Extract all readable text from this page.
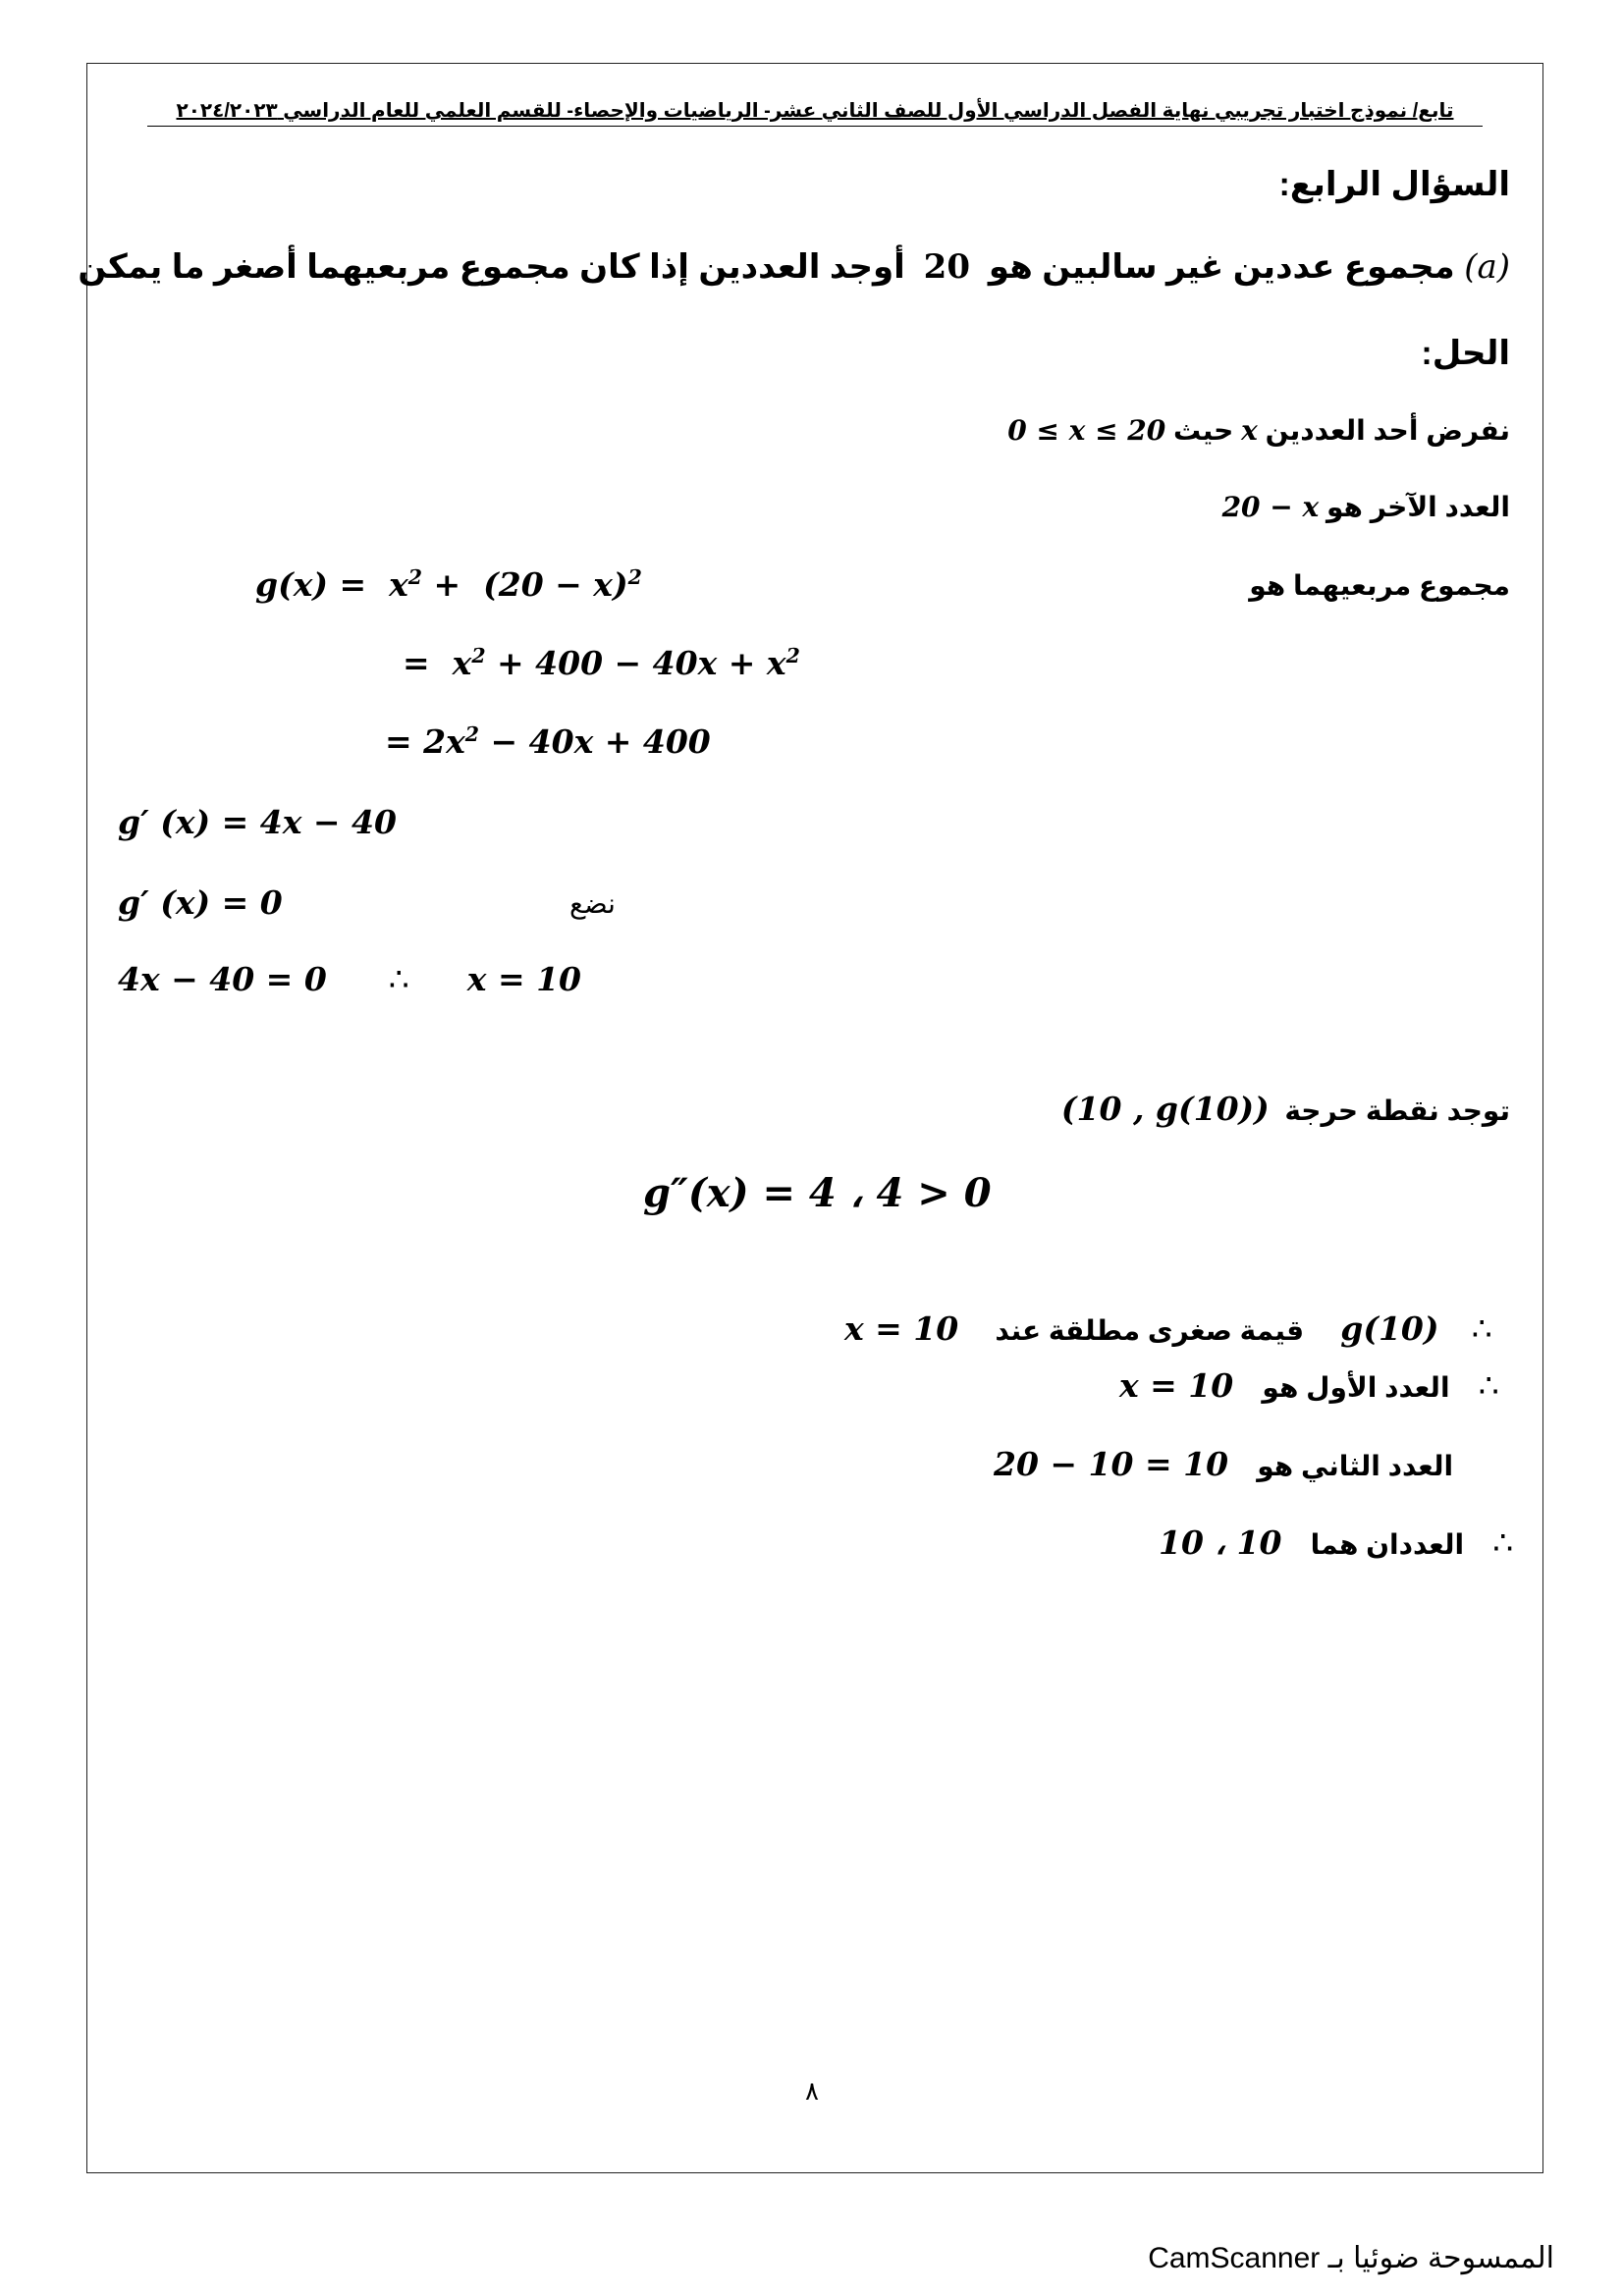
تابع/ نموذج اختبار تجريبي نهاية الفصل الدراسي الأول للصف الثاني عشر- الرياضيات والإحصاء- للقسم العلمي للعام الدراسي ٢٠٢٤/٢٠٢٣
السؤال الرابع:
(a) مجموع عددين غير سالبين هو  20  أوجد العددين إذا كان مجموع مربعيهما أصغر ما يمكن
الحل:
نفرض أحد العددين x حيث 0 ≤ x ≤ 20
العدد الآخر هو 20 − x
مجموع مربعيهما هو
$g(x) = x^2 + (20 - x)^2$
=  $x^2 + 400 - 40x + x^2$
= $2x^2 - 40x + 400$
g′ (x) = 4x − 40
g′ (x) = 0	نضع
4x − 40 = 0 ∴ x = 10
توجد نقطة حرجة  (10 , g(10))
g″(x) = 4 ، 4 > 0
x = 10 قيمة صغرى مطلقة عند g(10) ∴
x = 10 العدد الأول هو ∴
20 − 10 = 10 العدد الثاني هو
10 ، 10 العددان هما ∴
٨
الممسوحة ضوئيا بـ CamScanner
